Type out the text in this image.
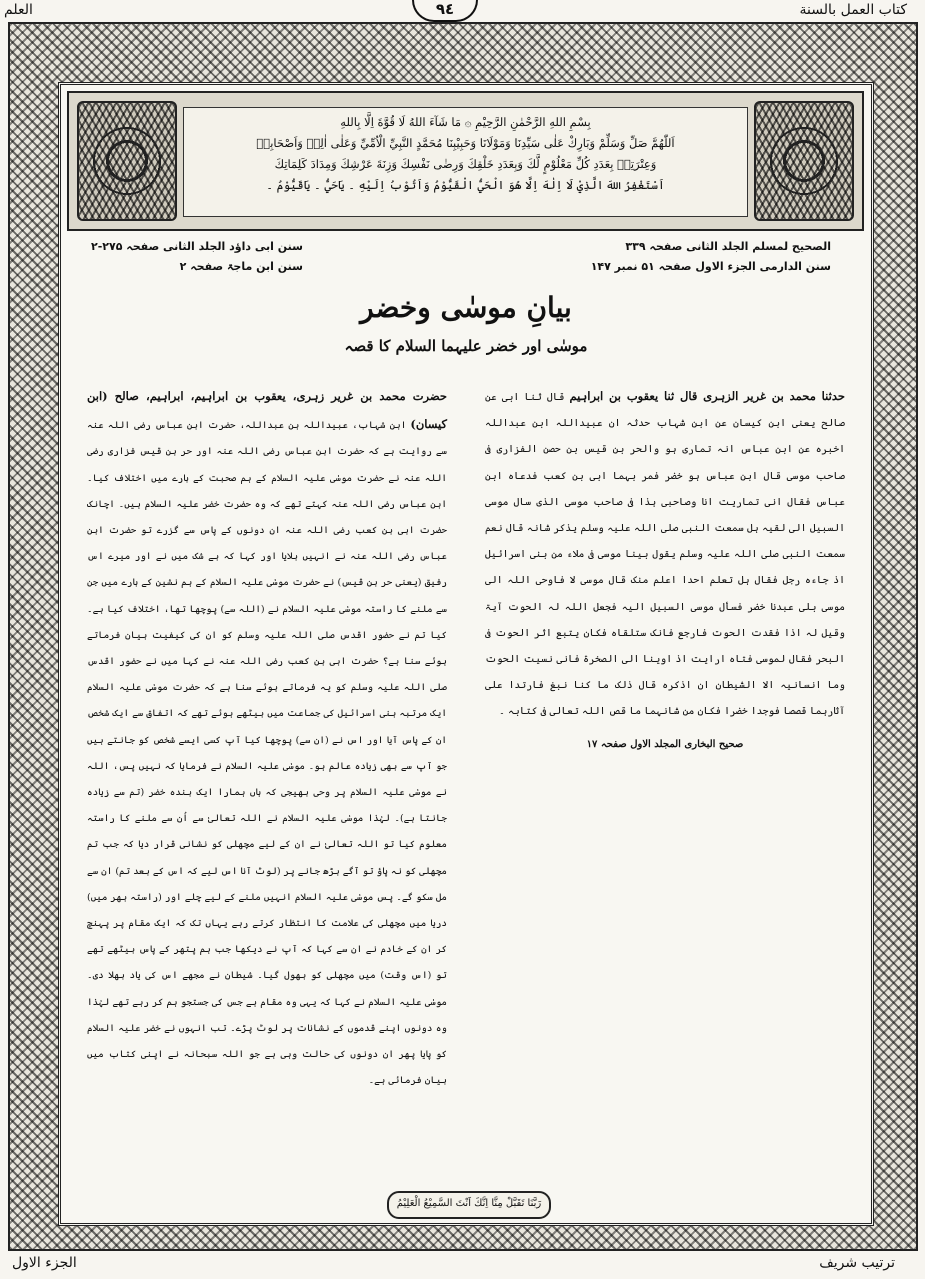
كتاب العمل بالسنة
العلم	٩٤
بِسْمِ اللهِ الرَّحْمٰنِ الرَّحِيْمِ ۞ مَا شَآءَ اللهُ لَا قُوَّةَ اِلَّا بِاللهِ
اَللّٰهُمَّ صَلِّ وَسَلِّمْ وَبَارِكْ عَلٰى سَيِّدِنَا وَمَوْلَانَا وَحَبِيْبِنَا مُحَمَّدٍ النَّبِيِّ الْاُمِّيِّ وَعَلٰى اٰلِهٖ وَاَصْحَابِهٖ
وَعِتْرَتِهٖ بِعَدَدِ كُلِّ مَعْلُوْمٍ لَّكَ وَبِعَدَدِ خَلْقِكَ وَرِضٰى نَفْسِكَ وَزِنَةَ عَرْشِكَ وَمِدَادَ كَلِمَاتِكَ
اَسْتَغْفِرُ اللهَ الَّذِيْ لَا اِلٰهَ اِلَّا هُوَ الْحَيُّ الْقَيُّوْمُ وَاَتُوْبُ اِلَيْهِ ۔ يَاحَيُّ ۔ يَاقَيُّوْمُ ۔
الصحيح لمسلم الجلد الثانی صفحہ ۳۳۹
سنن الدارمی الجزء الاول صفحہ ۵۱ نمبر ۱۴۷
سنن ابی داؤد الجلد الثانی صفحہ ۲۷۵-۲
سنن ابن ماجۃ صفحہ ۲
بیانِ موسٰی وخضر
موسٰی اور خضر علیہما السلام کا قصہ
حدثنا محمد بن غریر الزہری قال ثنا یعقوب بن ابراہیم قال ثنا ابی عن صالح یعنی ابن کیسان عن ابن شہاب حدثہ ان عبیداللہ ابن عبداللہ اخبرہ عن ابن عباس انہ تماری ہو والحر بن قیس بن حصن الفزاری فی صاحب موسی قال ابن عباس ہو خضر فمر بہما ابی بن کعب فدعاہ ابن عباس فقال انی تماریت انا وصاحبی ہذا فی صاحب موسی الذی سال موسی السبیل الی لقیہ ہل سمعت النبی صلی اللہ علیہ وسلم یذکر شانہ قال نعم سمعت النبی صلی اللہ علیہ وسلم یقول بینا موسی فی ملاء من بنی اسرائیل اذ جاءہ رجل فقال ہل تعلم احدا اعلم منک قال موسی لا فاوحی اللہ الی موسی بلی عبدنا خضر فسأل موسی السبیل الیہ فجعل اللہ لہ الحوت آیۃ وقیل لہ اذا فقدت الحوت فارجع فانک ستلقاہ فکان یتبع اثر الحوت فی البحر فقال لموسی فتاہ ارایت اذ اوینا الی الصخرۃ فانی نسیت الحوت وما انسانیہ الا الشیطان ان اذکرہ قال ذلک ما کنا نبغ فارتدا علی آثارہما قصصا فوجدا خضرا فکان من شانہما ما قص اللہ تعالی فی کتابہ ۔
صحیح البخاری المجلد الاول صفحہ ۱۷
حضرت محمد بن غریر زہری، یعقوب بن ابراہیم، ابراہیم، صالح (ابن کیسان) ابن شہاب، عبیداللہ بن عبداللہ، حضرت ابن عباس رضی اللہ عنہ سے روایت ہے کہ حضرت ابن عباس رضی اللہ عنہ اور حر بن قیس فزاری رضی اللہ عنہ نے حضرت موسٰی علیہ السلام کے ہم صحبت کے بارے میں اختلاف کیا۔ ابن عباس رضی اللہ عنہ کہتے تھے کہ وہ حضرت خضر علیہ السلام ہیں۔ اچانک حضرت ابی بن کعب رضی اللہ عنہ ان دونوں کے پاس سے گزرے تو حضرت ابن عباس رضی اللہ عنہ نے انہیں بلایا اور کہا کہ بے شک میں نے اور میرے اس رفیق (یعنی حر بن قیس) نے حضرت موسٰی علیہ السلام کے ہم نشین کے بارے میں جن سے ملنے کا راستہ موسٰی علیہ السلام نے (اللہ سے) پوچھا تھا، اختلاف کیا ہے۔ کیا تم نے حضور اقدس صلی اللہ علیہ وسلم کو ان کی کیفیت بیان فرماتے ہوئے سنا ہے؟ حضرت ابی بن کعب رضی اللہ عنہ نے کہا میں نے حضور اقدس صلی اللہ علیہ وسلم کو یہ فرماتے ہوئے سنا ہے کہ حضرت موسٰی علیہ السلام ایک مرتبہ بنی اسرائیل کی جماعت میں بیٹھے ہوئے تھے کہ اتفاق سے ایک شخص ان کے پاس آیا اور اس نے (ان سے) پوچھا کیا آپ کسی ایسے شخص کو جانتے ہیں جو آپ سے بھی زیادہ عالم ہو۔ موسٰی علیہ السلام نے فرمایا کہ نہیں پس، اللہ نے موسٰی علیہ السلام پر وحی بھیجی کہ ہاں ہمارا ایک بندہ خضر (تم سے زیادہ جانتا ہے)۔ لہٰذا موسٰی علیہ السلام نے اللہ تعالیٰ سے اُن سے ملنے کا راستہ معلوم کیا تو اللہ تعالیٰ نے ان کے لیے مچھلی کو نشانی قرار دیا کہ جب تم مچھلی کو نہ پاؤ تو آگے بڑھ جانے پر (لوٹ آنا اس لیے کہ اس کے بعد تم) ان سے مل سکو گے۔ پس موسٰی علیہ السلام انہیں ملنے کے لیے چلے اور (راستہ بھر میں) دریا میں مچھلی کی علامت کا انتظار کرتے رہے یہاں تک کہ ایک مقام پر پہنچ کر ان کے خادم نے ان سے کہا کہ آپ نے دیکھا جب ہم پتھر کے پاس بیٹھے تھے تو (اس وقت) میں مچھلی کو بھول گیا۔ شیطان نے مجھے اس کی یاد بھلا دی۔ موسٰی علیہ السلام نے کہا کہ یہی وہ مقام ہے جس کی جستجو ہم کر رہے تھے لہٰذا وہ دونوں اپنے قدموں کے نشانات پر لوٹ پڑے۔ تب انہوں نے خضر علیہ السلام کو پایا پھر ان دونوں کی حالت وہی ہے جو اللہ سبحانہ نے اپنی کتاب میں بیان فرمائی ہے۔
رَبَّنَا تَقَبَّلْ مِنَّا اِنَّكَ اَنْتَ السَّمِيْعُ الْعَلِيْمُ
ترتیب شریف
الجزء الاول
